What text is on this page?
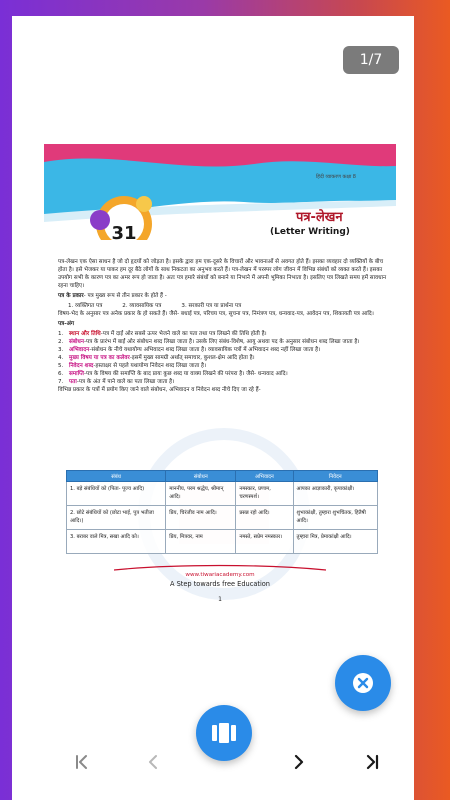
1/7
हिंदी व्याकरण कक्षा 8
31
पत्र-लेखन
(Letter Writing)

पत्र-लेखन एक ऐसा साधन है जो दो हृदयों को जोड़ता है। इसके द्वारा हम एक-दूसरे के विचारों और भावनाओं से अवगत होते हैं। इसका व्यवहार दो व्यक्तियों के बीच होता है। इसे भेजकर या पाकर हम दूर बैठे लोगों के साथ निकटता का अनुभव करते हैं। पत्र-लेखन में परस्पर लोग जीवन में विभिन्न संबंधों को व्यक्त करते हैं। इसका उपयोग सभी के कारण पत्र का अमर रूप हो जाता है। अतः पत्र हमारे संबंधों को बनाने या निभाने में अपनी भूमिका निभाता है। इसलिए पत्र लिखते समय हमें सावधान रहना चाहिए।

पत्र के प्रकार- पत्र मुख्य रूप से तीन प्रकार के होते हैं -

1. व्यक्तिगत पत्र	2. व्यावसायिक पत्र	3. सरकारी पत्र या प्रार्थना पत्र

विषय-भेद के अनुसार पत्र अनेक प्रकार के हो सकते हैं। जैसे- बधाई पत्र, परिचय पत्र, सूचना पत्र, निमंत्रण पत्र, धन्यवाद-पत्र, आवेदन पत्र, शिकायती पत्र आदि।

पत्र-अंग

1.	स्थान और तिथि-पत्र में दाईं ओर सबसे ऊपर भेजने वाले का पता तथा पत्र लिखने की तिथि होती है।
2.	संबोधन-पत्र के प्रारंभ में बाईं ओर संबोधन शब्द लिखा जाता है। उसके लिए संबंध-विशेष, आयु अथवा पद के अनुसार संबोधन शब्द लिखा जाता है।
3.	अभिवादन-संबोधन के नीचे यथायोग्य अभिवादन शब्द लिखा जाता है। व्यावसायिक पत्रों में अभिवादन शब्द नहीं लिखा जाता है।
4.	मुख्य विषय या पत्र का कलेवर-इसमें मुख्य सामग्री अर्थात् समाचार, कुशल-क्षेम आदि होता है।
5.	निवेदन शब्द-हस्ताक्षर से पहले यथायोग्य निवेदन शब्द लिखा जाता है।
6.	समाप्ति-पत्र के विषय की समाप्ति के बाद प्रायः कुछ शब्द या वाक्य लिखने की परंपरा है। जैसे- धन्यवाद आदि।
7.	पता-पत्र के अंत में पाने वाले का पता लिखा जाता है।

विभिन्न प्रकार के पत्रों में प्रयोग किए जाने वाले संबोधन, अभिवादन व निवेदन शब्द नीचे दिए जा रहे हैं-

संबंध	संबोधन	अभिवादन	निवेदन
1. बड़े संबंधियों को (पिता- पूज्य आदि)	माननीय, परम श्रद्धेय, श्रीमान् आदि।	नमस्कार, प्रणाम, चरणस्पर्श।	आपका आज्ञाकारी, कृपाकांक्षी।
2. छोटे संबंधियों को (छोटा भाई, पुत्र भतीजा आदि।)	प्रिय, चिरंजीव नाम आदि।	प्रसन्न रहो आदि।	शुभाकांक्षी, तुम्हारा शुभचिंतक, हितैषी आदि।
3. बराबर वाले मित्र, सखा आदि को।	प्रिय, मित्रवर, नाम	नमस्ते, सप्रेम नमस्कार।	तुम्हारा मित्र, प्रेमाकांक्षी आदि।
www.tiwariacademy.com
A Step towards free Education
1
